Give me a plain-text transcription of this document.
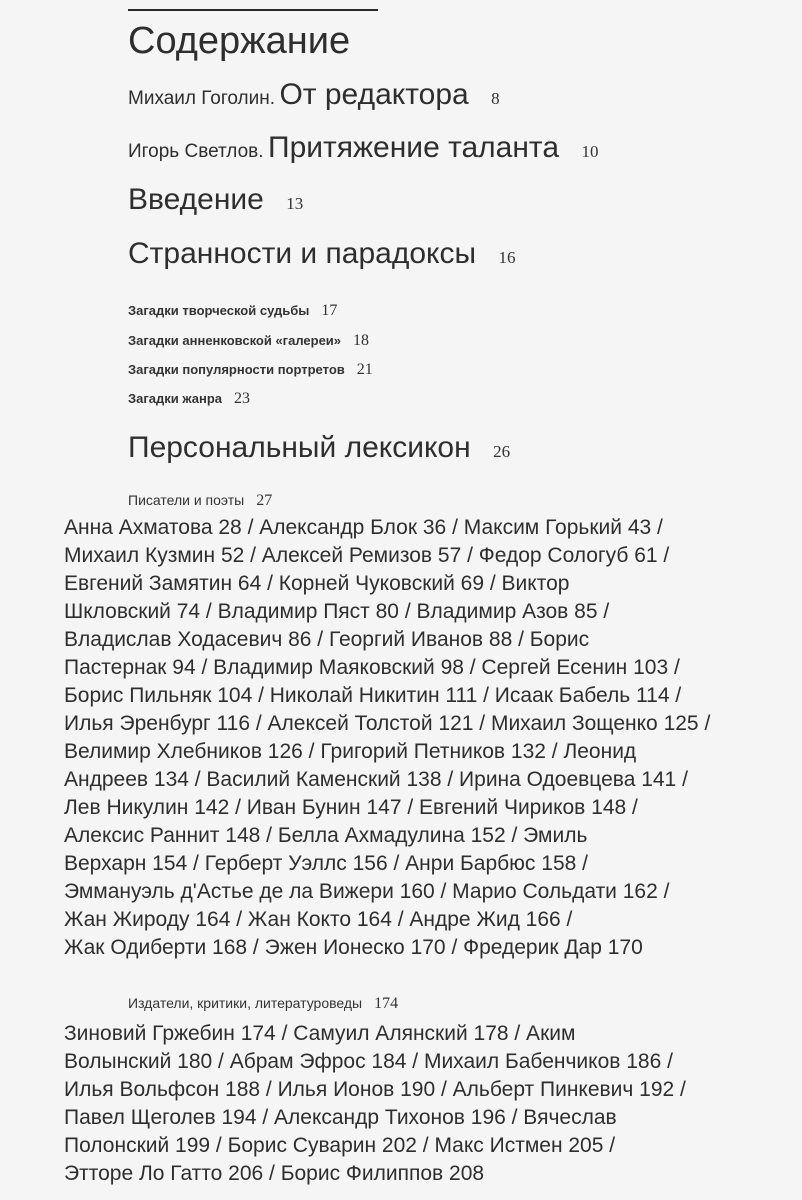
Содержание
Михаил Гоголин. От редактора 8
Игорь Светлов. Притяжение таланта 10
Введение 13
Странности и парадоксы 16
Загадки творческой судьбы 17
Загадки анненковской «галереи» 18
Загадки популярности портретов 21
Загадки жанра 23
Персональный лексикон 26
Писатели и поэты 27
Анна Ахматова 28 / Александр Блок 36 / Максим Горький 43 /
Михаил Кузмин 52 / Алексей Ремизов 57 / Федор Сологуб 61 /
Евгений Замятин 64 / Корней Чуковский 69 / Виктор
Шкловский 74 / Владимир Пяст 80 / Владимир Азов 85 /
Владислав Ходасевич 86 / Георгий Иванов 88 / Борис
Пастернак 94 / Владимир Маяковский 98 / Сергей Есенин 103 /
Борис Пильняк 104 / Николай Никитин 111 / Исаак Бабель 114 /
Илья Эренбург 116 / Алексей Толстой 121 / Михаил Зощенко 125 /
Велимир Хлебников 126 / Григорий Петников 132 / Леонид
Андреев 134 / Василий Каменский 138 / Ирина Одоевцева 141 /
Лев Никулин 142 / Иван Бунин 147 / Евгений Чириков 148 /
Алексис Раннит 148 / Белла Ахмадулина 152 / Эмиль
Верхарн 154 / Герберт Уэллс 156 / Анри Барбюс 158 /
Эммануэль д'Астье де ла Вижери 160 / Марио Сольдати 162 /
Жан Жироду 164 / Жан Кокто 164 / Андре Жид 166 /
Жак Одиберти 168 / Эжен Ионеско 170 / Фредерик Дар 170
Издатели, критики, литературоведы 174
Зиновий Гржебин 174 / Самуил Алянский 178 / Аким
Волынский 180 / Абрам Эфрос 184 / Михаил Бабенчиков 186 /
Илья Вольфсон 188 / Илья Ионов 190 / Альберт Пинкевич 192 /
Павел Щеголев 194 / Александр Тихонов 196 / Вячеслав
Полонский 199 / Борис Суварин 202 / Макс Истмен 205 /
Этторе Ло Гатто 206 / Борис Филиппов 208
